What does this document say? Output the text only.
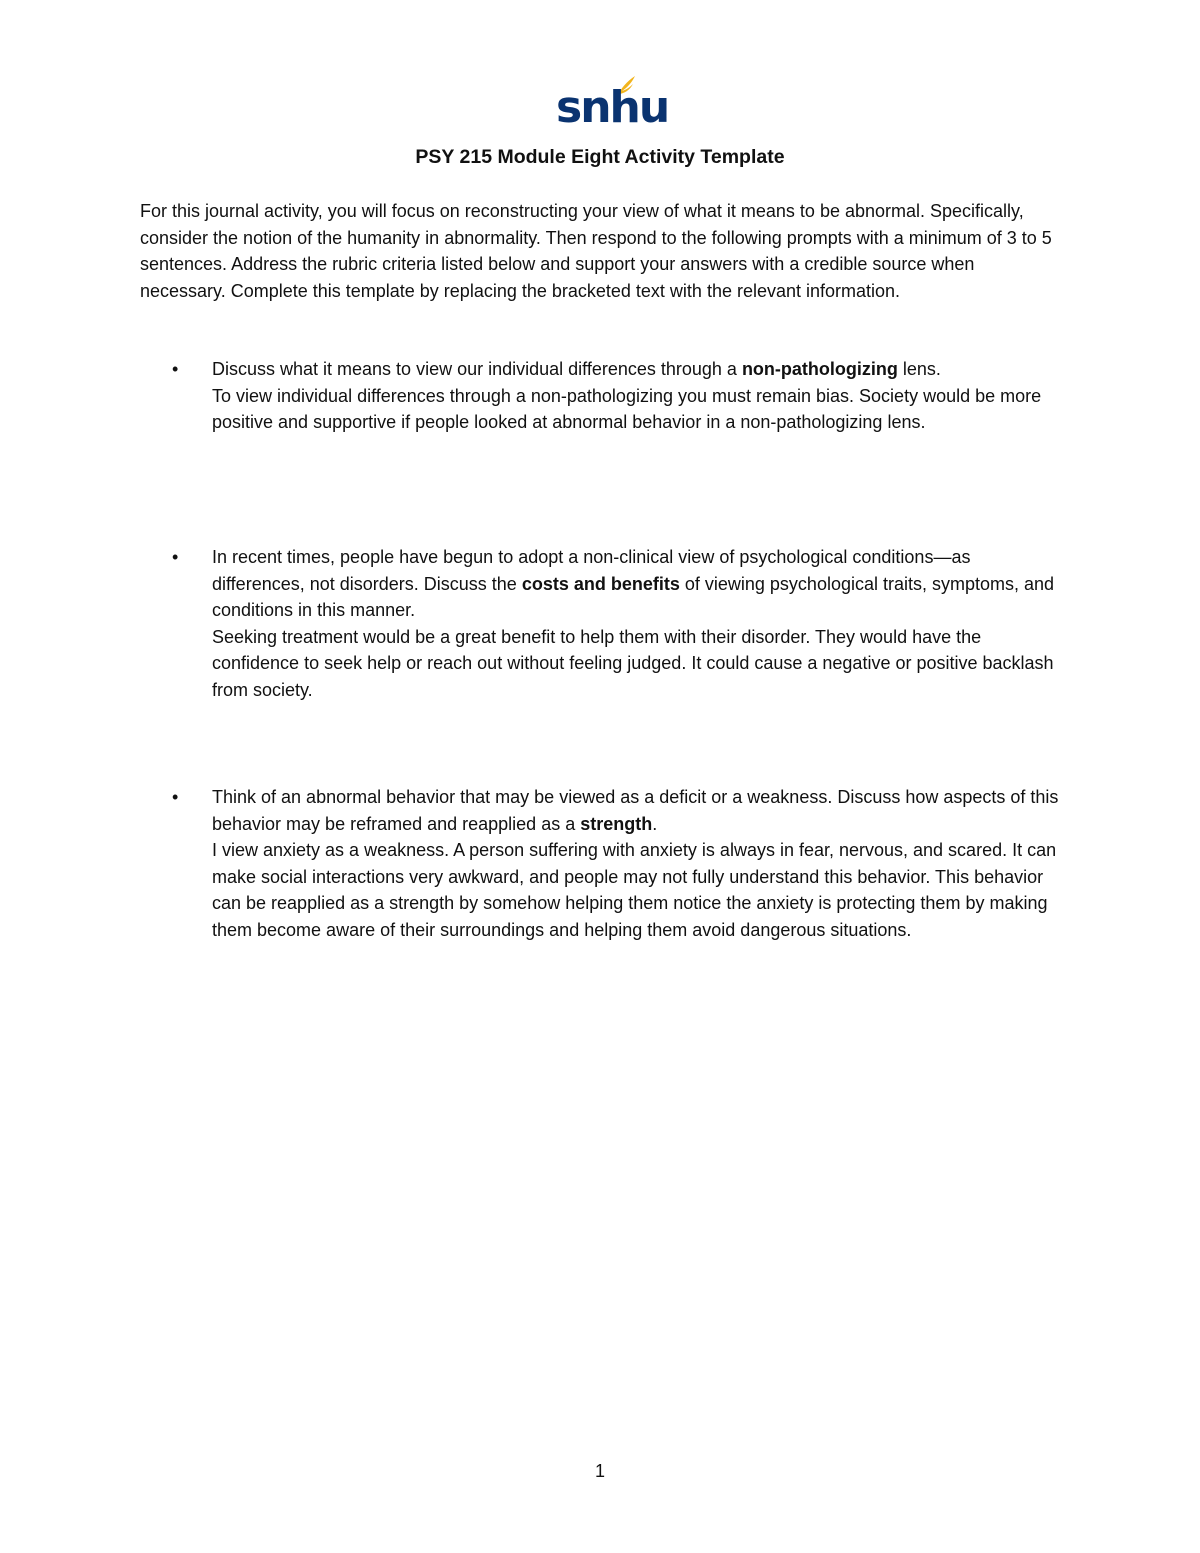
snhu
PSY 215 Module Eight Activity Template

For this journal activity, you will focus on reconstructing your view of what it means to be abnormal. Specifically, consider the notion of the humanity in abnormality. Then respond to the following prompts with a minimum of 3 to 5 sentences. Address the rubric criteria listed below and support your answers with a credible source when necessary. Complete this template by replacing the bracketed text with the relevant information.

•	Discuss what it means to view our individual differences through a non-pathologizing lens.

To view individual differences through a non-pathologizing you must remain bias. Society would be more positive and supportive if people looked at abnormal behavior in a non-pathologizing lens.

•	In recent times, people have begun to adopt a non-clinical view of psychological conditions—as differences, not disorders. Discuss the costs and benefits of viewing psychological traits, symptoms, and conditions in this manner.

Seeking treatment would be a great benefit to help them with their disorder. They would have the confidence to seek help or reach out without feeling judged. It could cause a negative or positive backlash from society.

•	Think of an abnormal behavior that may be viewed as a deficit or a weakness. Discuss how aspects of this behavior may be reframed and reapplied as a strength.

I view anxiety as a weakness. A person suffering with anxiety is always in fear, nervous, and scared. It can make social interactions very awkward, and people may not fully understand this behavior. This behavior can be reapplied as a strength by somehow helping them notice the anxiety is protecting them by making them become aware of their surroundings and helping them avoid dangerous situations.

1
